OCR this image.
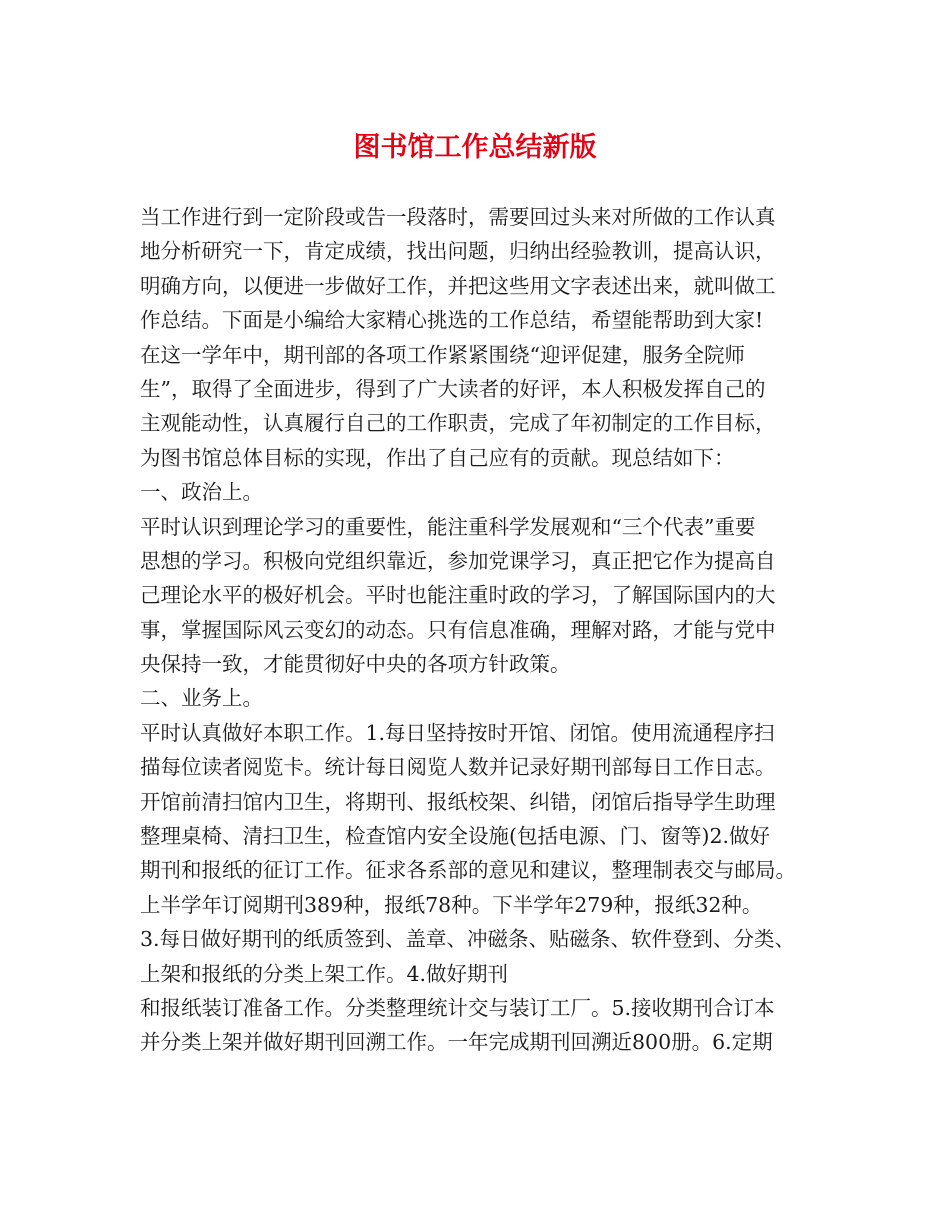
图书馆工作总结新版
当工作进行到一定阶段或告一段落时，需要回过头来对所做的工作认真
地分析研究一下，肯定成绩，找出问题，归纳出经验教训，提高认识，
明确方向，以便进一步做好工作，并把这些用文字表述出来，就叫做工
作总结。下面是小编给大家精心挑选的工作总结，希望能帮助到大家!
在这一学年中，期刊部的各项工作紧紧围绕“迎评促建，服务全院师
生”，取得了全面进步，得到了广大读者的好评，本人积极发挥自己的
主观能动性，认真履行自己的工作职责，完成了年初制定的工作目标，
为图书馆总体目标的实现，作出了自己应有的贡献。现总结如下：
一、政治上。
平时认识到理论学习的重要性，能注重科学发展观和“三个代表”重要
思想的学习。积极向党组织靠近，参加党课学习，真正把它作为提高自
己理论水平的极好机会。平时也能注重时政的学习，了解国际国内的大
事，掌握国际风云变幻的动态。只有信息准确，理解对路，才能与党中
央保持一致，才能贯彻好中央的各项方针政策。
二、业务上。
平时认真做好本职工作。1.每日坚持按时开馆、闭馆。使用流通程序扫
描每位读者阅览卡。统计每日阅览人数并记录好期刊部每日工作日志。
开馆前清扫馆内卫生，将期刊、报纸校架、纠错，闭馆后指导学生助理
整理桌椅、清扫卫生，检查馆内安全设施(包括电源、门、窗等)2.做好
期刊和报纸的征订工作。征求各系部的意见和建议，整理制表交与邮局。
上半学年订阅期刊389种，报纸78种。下半学年279种，报纸32种。
3.每日做好期刊的纸质签到、盖章、冲磁条、贴磁条、软件登到、分类、
上架和报纸的分类上架工作。4.做好期刊
和报纸装订准备工作。分类整理统计交与装订工厂。5.接收期刊合订本
并分类上架并做好期刊回溯工作。一年完成期刊回溯近800册。6.定期
